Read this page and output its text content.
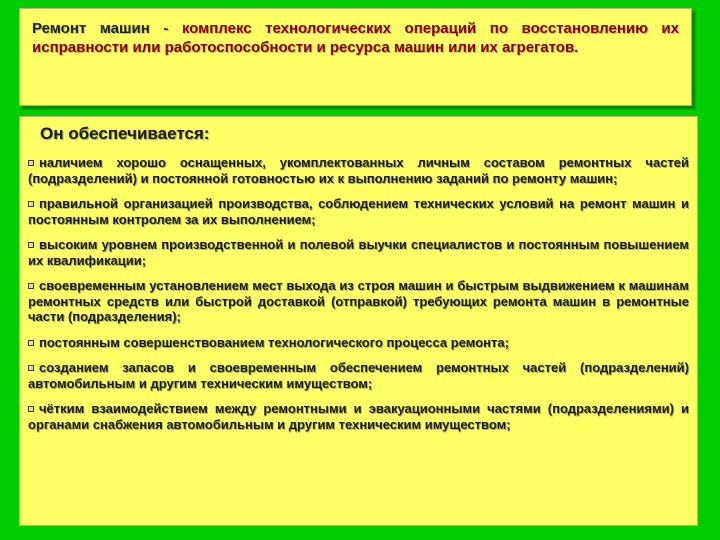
Ремонт машин - комплекс технологических операций по восстановлению их исправности или работоспособности и ресурса машин или их агрегатов.

Он обеспечивается:

наличием хорошо оснащенных, укомплектованных личным составом ремонтных частей (подразделений) и постоянной готовностью их к выполнению заданий по ремонту машин;
правильной организацией производства, соблюдением технических условий на ремонт машин и постоянным контролем за их выполнением;
высоким уровнем производственной и полевой выучки специалистов и постоянным повышением их квалификации;
своевременным установлением мест выхода из строя машин и быстрым выдвижением к машинам ремонтных средств или быстрой доставкой (отправкой) требующих ремонта машин в ремонтные части (подразделения);
постоянным совершенствованием технологического процесса ремонта;
созданием запасов и своевременным обеспечением ремонтных частей (подразделений) автомобильным и другим техническим имуществом;
чётким взаимодействием между ремонтными и эвакуационными частями (подразделениями) и органами снабжения автомобильным и другим техническим имуществом;
